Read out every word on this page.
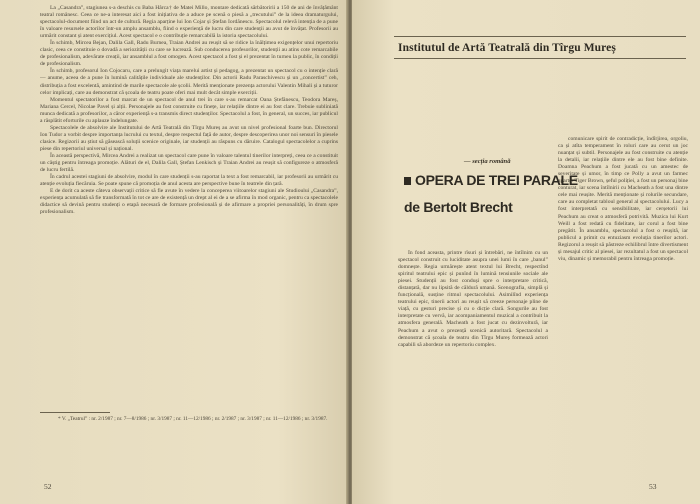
La „Casandra”, stagiunea s-a deschis cu Baba Hârca† de Matei Millo, montare dedicată sărbătoririi a 150 de ani de învățământ teatral românesc. Ceea ce ne-a interesat aici a fost inițiativa de a aduce pe scenă o piesă a „trecutului” de la ideea dramaturgului, spectacolul-document fiind un act de cultură. Regia aparține lui Ion Cojar și Ștefan Iordănescu. Spectacolul relevă intenția de a pune în valoare resursele actorilor într-un amplu ansamblu, fiind o experiență de lucru din care studenții au avut de învățat. Profesorii au urmărit constant și atent exercițiul. Acest spectacol e o contribuție remarcabilă la istoria spectacolului.

În schimb, Mircea Bejan, Dalila Gall, Radu Burnea, Traian Andrei au reușit să se ridice la înălțimea exigențelor unui repertoriu clasic, ceea ce constituie o dovadă a seriozității cu care se lucrează. Sub conducerea profesorilor, studenții au atins cote remarcabile de profesionalism, adevărate creații, iar ansamblul a fost omogen. Acest spectacol a fost și el prezentat în turneu la public, în condiții de profesionalism.

În schimb, profesorul Ion Cojocaru, care a prelungit viața marelui artist și pedagog, a prezentat un spectacol cu o intenție clară — anume, aceea de a pune în lumină calitățile individuale ale studenților. Din actorii Radu Paraschivescu și un „concertist” ceh, distribuția a fost excelentă, amintind de marile spectacole ale școlii. Merită menționate prezența actorului Valentin Mihali și a tuturor celor implicați, care au demonstrat că școala de teatru poate oferi mai mult decât simple exerciții.

Momentul spectatorilor a fost marcat de un spectacol de anul trei în care s-au remarcat Oana Ștefănescu, Teodora Mareș, Mariana Cercel, Nicolae Pavel și alții. Personajele au fost construite cu finețe, iar relațiile dintre ei au fost clare. Trebuie subliniată munca dedicată a profesorilor, a căror experiență s-a transmis direct studenților. Spectacolul a fost, în general, un succes, iar publicul a răsplătit eforturile cu aplauze îndelungate.

Spectacolele de absolvire ale Institutului de Artă Teatrală din Tîrgu Mureș au avut un nivel profesional foarte bun. Directorul Ion Tudor a vorbit despre importanța lucrului cu textul, despre respectul față de autor, despre descoperirea unor noi sensuri în piesele clasice. Regizorii au știut să găsească soluții scenice originale, iar studenții au răspuns cu dăruire. Catalogul spectacolelor a cuprins piese din repertoriul universal și național.

În această perspectivă, Mircea Andrei a realizat un spectacol care pune în valoare talentul tinerilor interpreți, ceea ce a constituit un câștig pentru întreaga promoție. Alături de el, Dalila Gall, Ștefan Lenkisch și Traian Andrei au reușit să configureze o atmosferă de lucru fertilă.

În cadrul acestei stagiuni de absolvire, modul în care studenții s-au raportat la text a fost remarcabil, iar profesorii au urmărit cu atenție evoluția fiecăruia. Se poate spune că promoția de anul acesta are perspective bune în teatrele din țară.

E de dorit ca aceste câteva observații critice să fie avute în vedere la conceperea viitoarelor stagiuni ale Studioului „Casandra”, experiența acumulată să fie transformată în tot ce are de existență un drept al ei de a se afirma în mod organic, pentru ca spectacolele didactice să devină pentru studenți o etapă necesară de formare profesională și de afirmare a propriei personalități, în drum spre profesionalism.

* V. „Teatrul” : nr. 2/1987 ; nr. 7—8/1986 ; nr. 3/1987 ; nr. 11—12/1986 ; nr. 2/1987 ; nr. 3/1987 ; nr. 11—12/1986 ; nr. 3/1987.
52
Institutul de Artă Teatrală din Tîrgu Mureș

comunicare spirit de contradicție, îndîrjirea, orgoliu, ca și atîta temperament în roluri care au cerut un joc nuanțat și subtil. Personajele au fost construite cu atenție la detalii, iar relațiile dintre ele au fost bine definite. Doamna Peachum a fost jucată cu un amestec de severitate și umor, în timp ce Polly a avut un farmec aparte. Tiger Brown, șeful poliției, a fost un personaj bine conturat, iar scena întîlnirii cu Macheath a fost una dintre cele mai reușite. Merită menționate și rolurile secundare, care au completat tabloul general al spectacolului. Lucy a fost interpretată cu sensibilitate, iar cerșetorii lui Peachum au creat o atmosferă potrivită. Muzica lui Kurt Weill a fost redată cu fidelitate, iar corul a fost bine pregătit. În ansamblu, spectacolul a fost o reușită, iar publicul a primit cu entuziasm evoluția tinerilor actori. Regizorul a reușit să păstreze echilibrul între divertisment și mesajul critic al piesei, iar rezultatul a fost un spectacol viu, dinamic și memorabil pentru întreaga promoție.

— secția română
OPERA DE TREI PARALE
de Bertolt Brecht

În fond aceasta, printre rîsuri și întrebări, ne întîlnim cu un spectacol construit cu luciditate asupra unei lumi în care „banul” domnește. Regia urmărește atent textul lui Brecht, respectînd spiritul teatrului epic și punînd în lumină tensiunile sociale ale piesei. Studenții au fost conduși spre o interpretare critică, distanțată, dar nu lipsită de căldură umană. Scenografia, simplă și funcțională, susține ritmul spectacolului. Asimilînd experiența teatrului epic, tinerii actori au reușit să creeze personaje pline de viață, cu gesturi precise și cu o dicție clară. Songurile au fost interpretate cu vervă, iar acompaniamentul muzical a contribuit la atmosfera generală. Macheath a fost jucat cu dezinvoltură, iar Peachum a avut o prezență scenică autoritară. Spectacolul a demonstrat că școala de teatru din Tîrgu Mureș formează actori capabili să abordeze un repertoriu complex.

53
